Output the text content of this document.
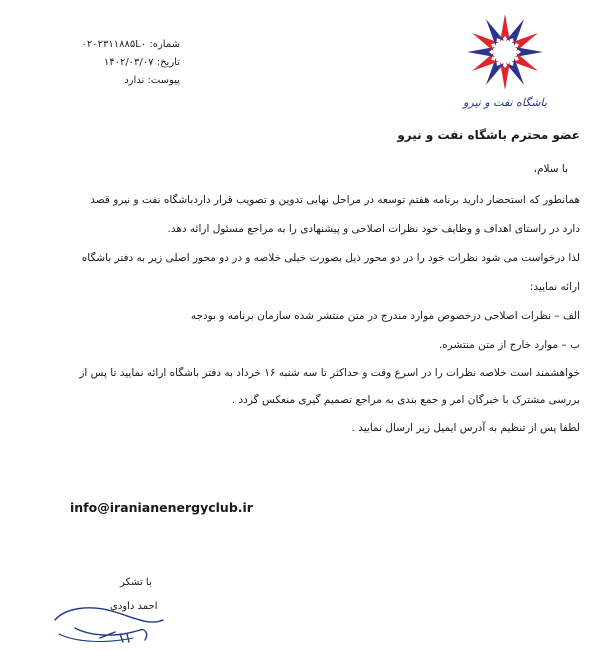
شماره: ۰۲۰۲۳۱۱۸۸۵L۰
تاریخ: ۱۴۰۲/۰۳/۰۷
پیوست: ندارد
باشگاه نفت و نیرو
عضو محترم باشگاه نفت و نیرو
با سلام،

همانطور که استحضار دارید برنامه هفتم توسعه در مراحل نهایی تدوین و تصویب قرار داردباشگاه نفت و نیرو قصد دارد در راستای اهداف و وظایف خود نظرات اصلاحی و پیشنهادی را به مراجع مسئول ارائه دهد.

لذا درخواست می شود نظرات خود را در دو محور ذیل بصورت خیلی خلاصه و در دو محور اصلی زیر به دفتر باشگاه ارائه نمایید:

الف – نظرات اصلاحی درخصوص موارد مندرج در متن منتشر شده سازمان برنامه و بودجه

ب – موارد خارج از متن منتشره.

خواهشمند است خلاصه نظرات را در اسرع وقت و حداکثر تا سه شنبه ۱۶ خرداد به دفتر باشگاه ارائه نمایید تا پس از بررسی مشترک با خبرگان امر و جمع بندی به مراجع تصمیم گیری منعکس گردد .

لطفا پس از تنظیم به آدرس ایمیل زیر ارسال نمایید .

info@iranianenergyclub.ir
با تشکر
احمد داودی
